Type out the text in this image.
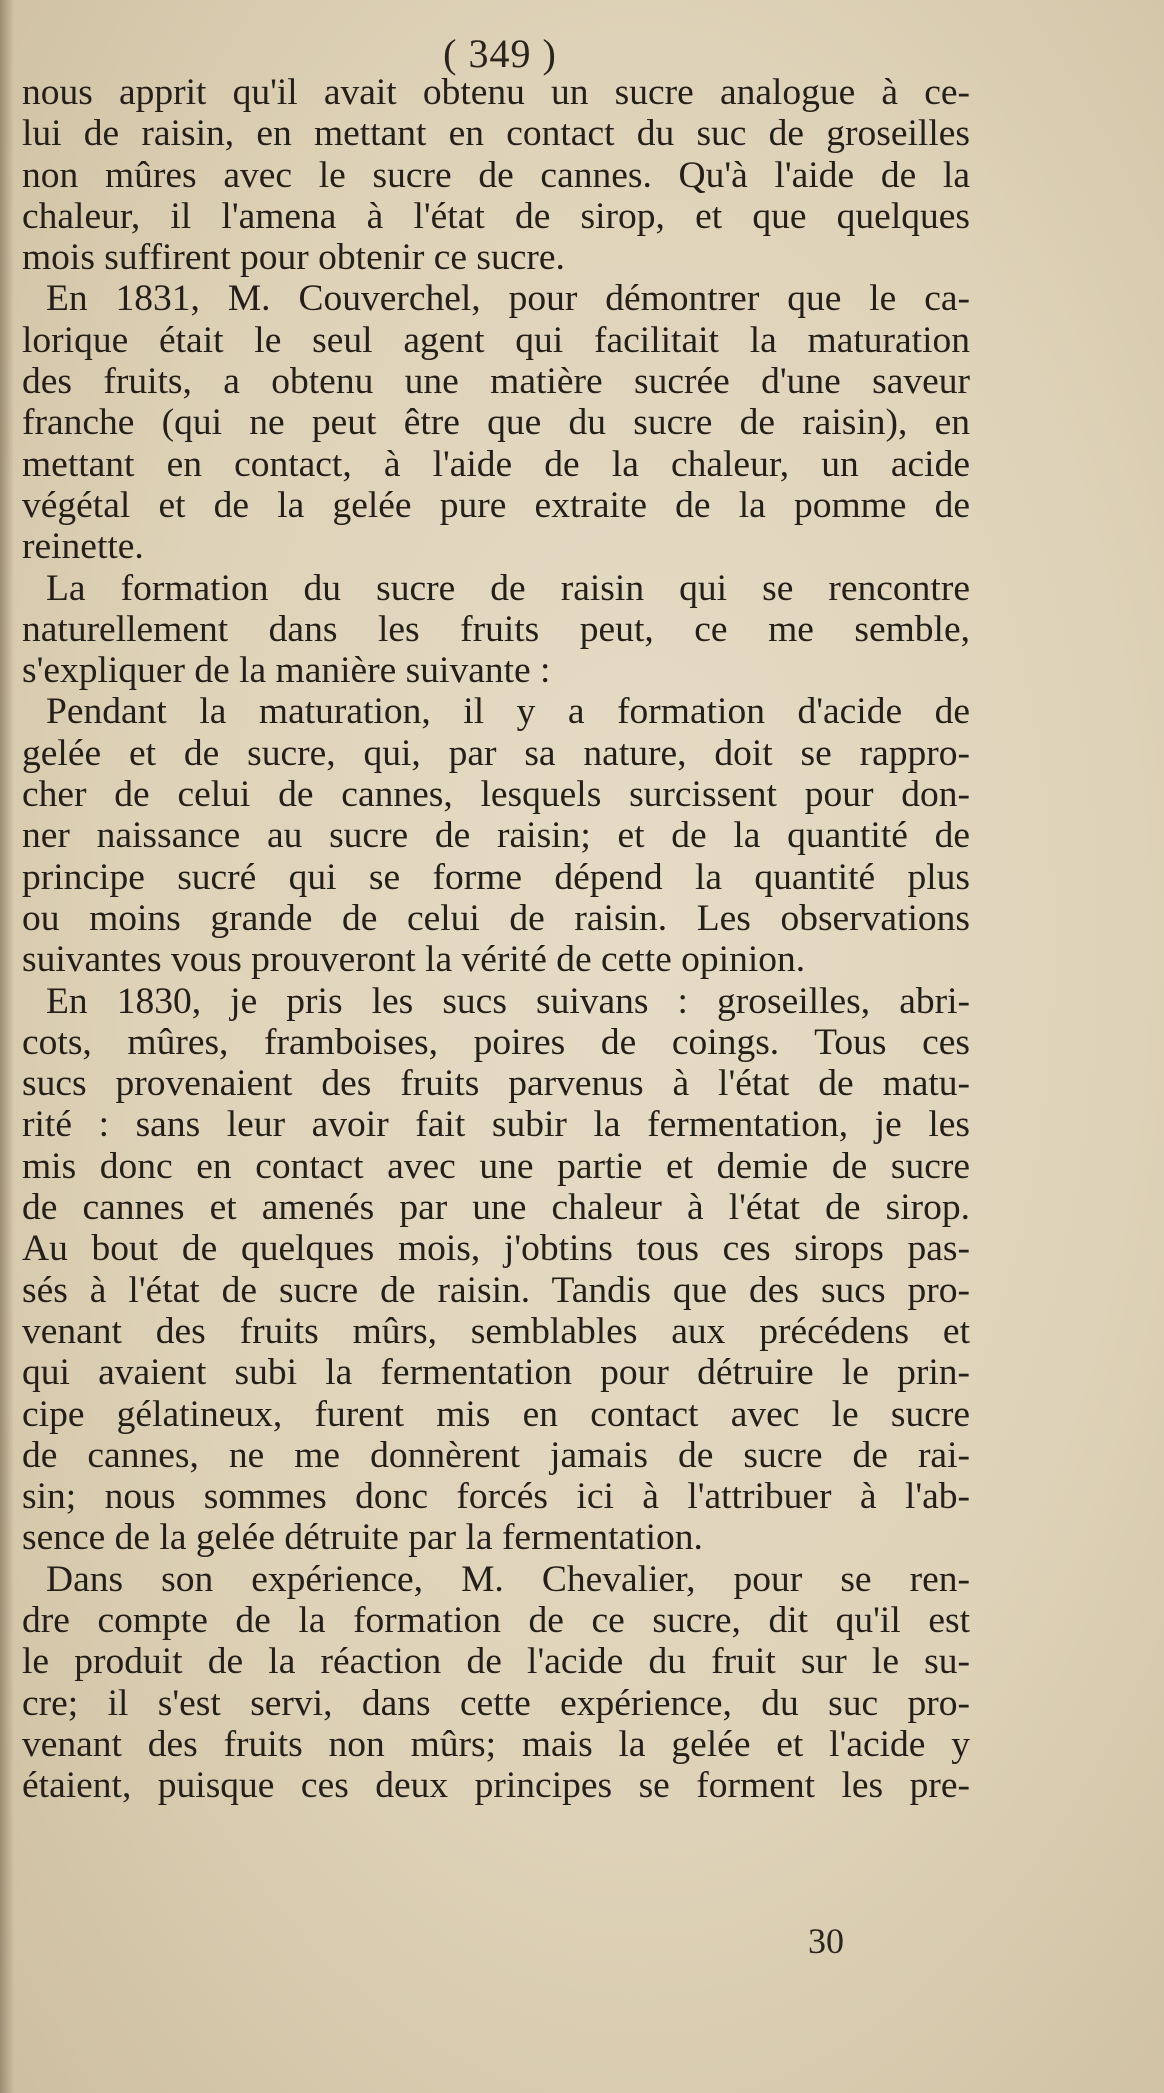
( 349 )
nous apprit qu'il avait obtenu un sucre analogue à ce-
lui de raisin, en mettant en contact du suc de groseilles
non mûres avec le sucre de cannes. Qu'à l'aide de la
chaleur, il l'amena à l'état de sirop, et que quelques
mois suffirent pour obtenir ce sucre.
En 1831, M. Couverchel, pour démontrer que le ca-
lorique était le seul agent qui facilitait la maturation
des fruits, a obtenu une matière sucrée d'une saveur
franche (qui ne peut être que du sucre de raisin), en
mettant en contact, à l'aide de la chaleur, un acide
végétal et de la gelée pure extraite de la pomme de
reinette.
La formation du sucre de raisin qui se rencontre
naturellement dans les fruits peut, ce me semble,
s'expliquer de la manière suivante :
Pendant la maturation, il y a formation d'acide de
gelée et de sucre, qui, par sa nature, doit se rappro-
cher de celui de cannes, lesquels surcissent pour don-
ner naissance au sucre de raisin; et de la quantité de
principe sucré qui se forme dépend la quantité plus
ou moins grande de celui de raisin. Les observations
suivantes vous prouveront la vérité de cette opinion.
En 1830, je pris les sucs suivans : groseilles, abri-
cots, mûres, framboises, poires de coings. Tous ces
sucs provenaient des fruits parvenus à l'état de matu-
rité : sans leur avoir fait subir la fermentation, je les
mis donc en contact avec une partie et demie de sucre
de cannes et amenés par une chaleur à l'état de sirop.
Au bout de quelques mois, j'obtins tous ces sirops pas-
sés à l'état de sucre de raisin. Tandis que des sucs pro-
venant des fruits mûrs, semblables aux précédens et
qui avaient subi la fermentation pour détruire le prin-
cipe gélatineux, furent mis en contact avec le sucre
de cannes, ne me donnèrent jamais de sucre de rai-
sin; nous sommes donc forcés ici à l'attribuer à l'ab-
sence de la gelée détruite par la fermentation.
Dans son expérience, M. Chevalier, pour se ren-
dre compte de la formation de ce sucre, dit qu'il est
le produit de la réaction de l'acide du fruit sur le su-
cre; il s'est servi, dans cette expérience, du suc pro-
venant des fruits non mûrs; mais la gelée et l'acide y
étaient, puisque ces deux principes se forment les pre-
30
